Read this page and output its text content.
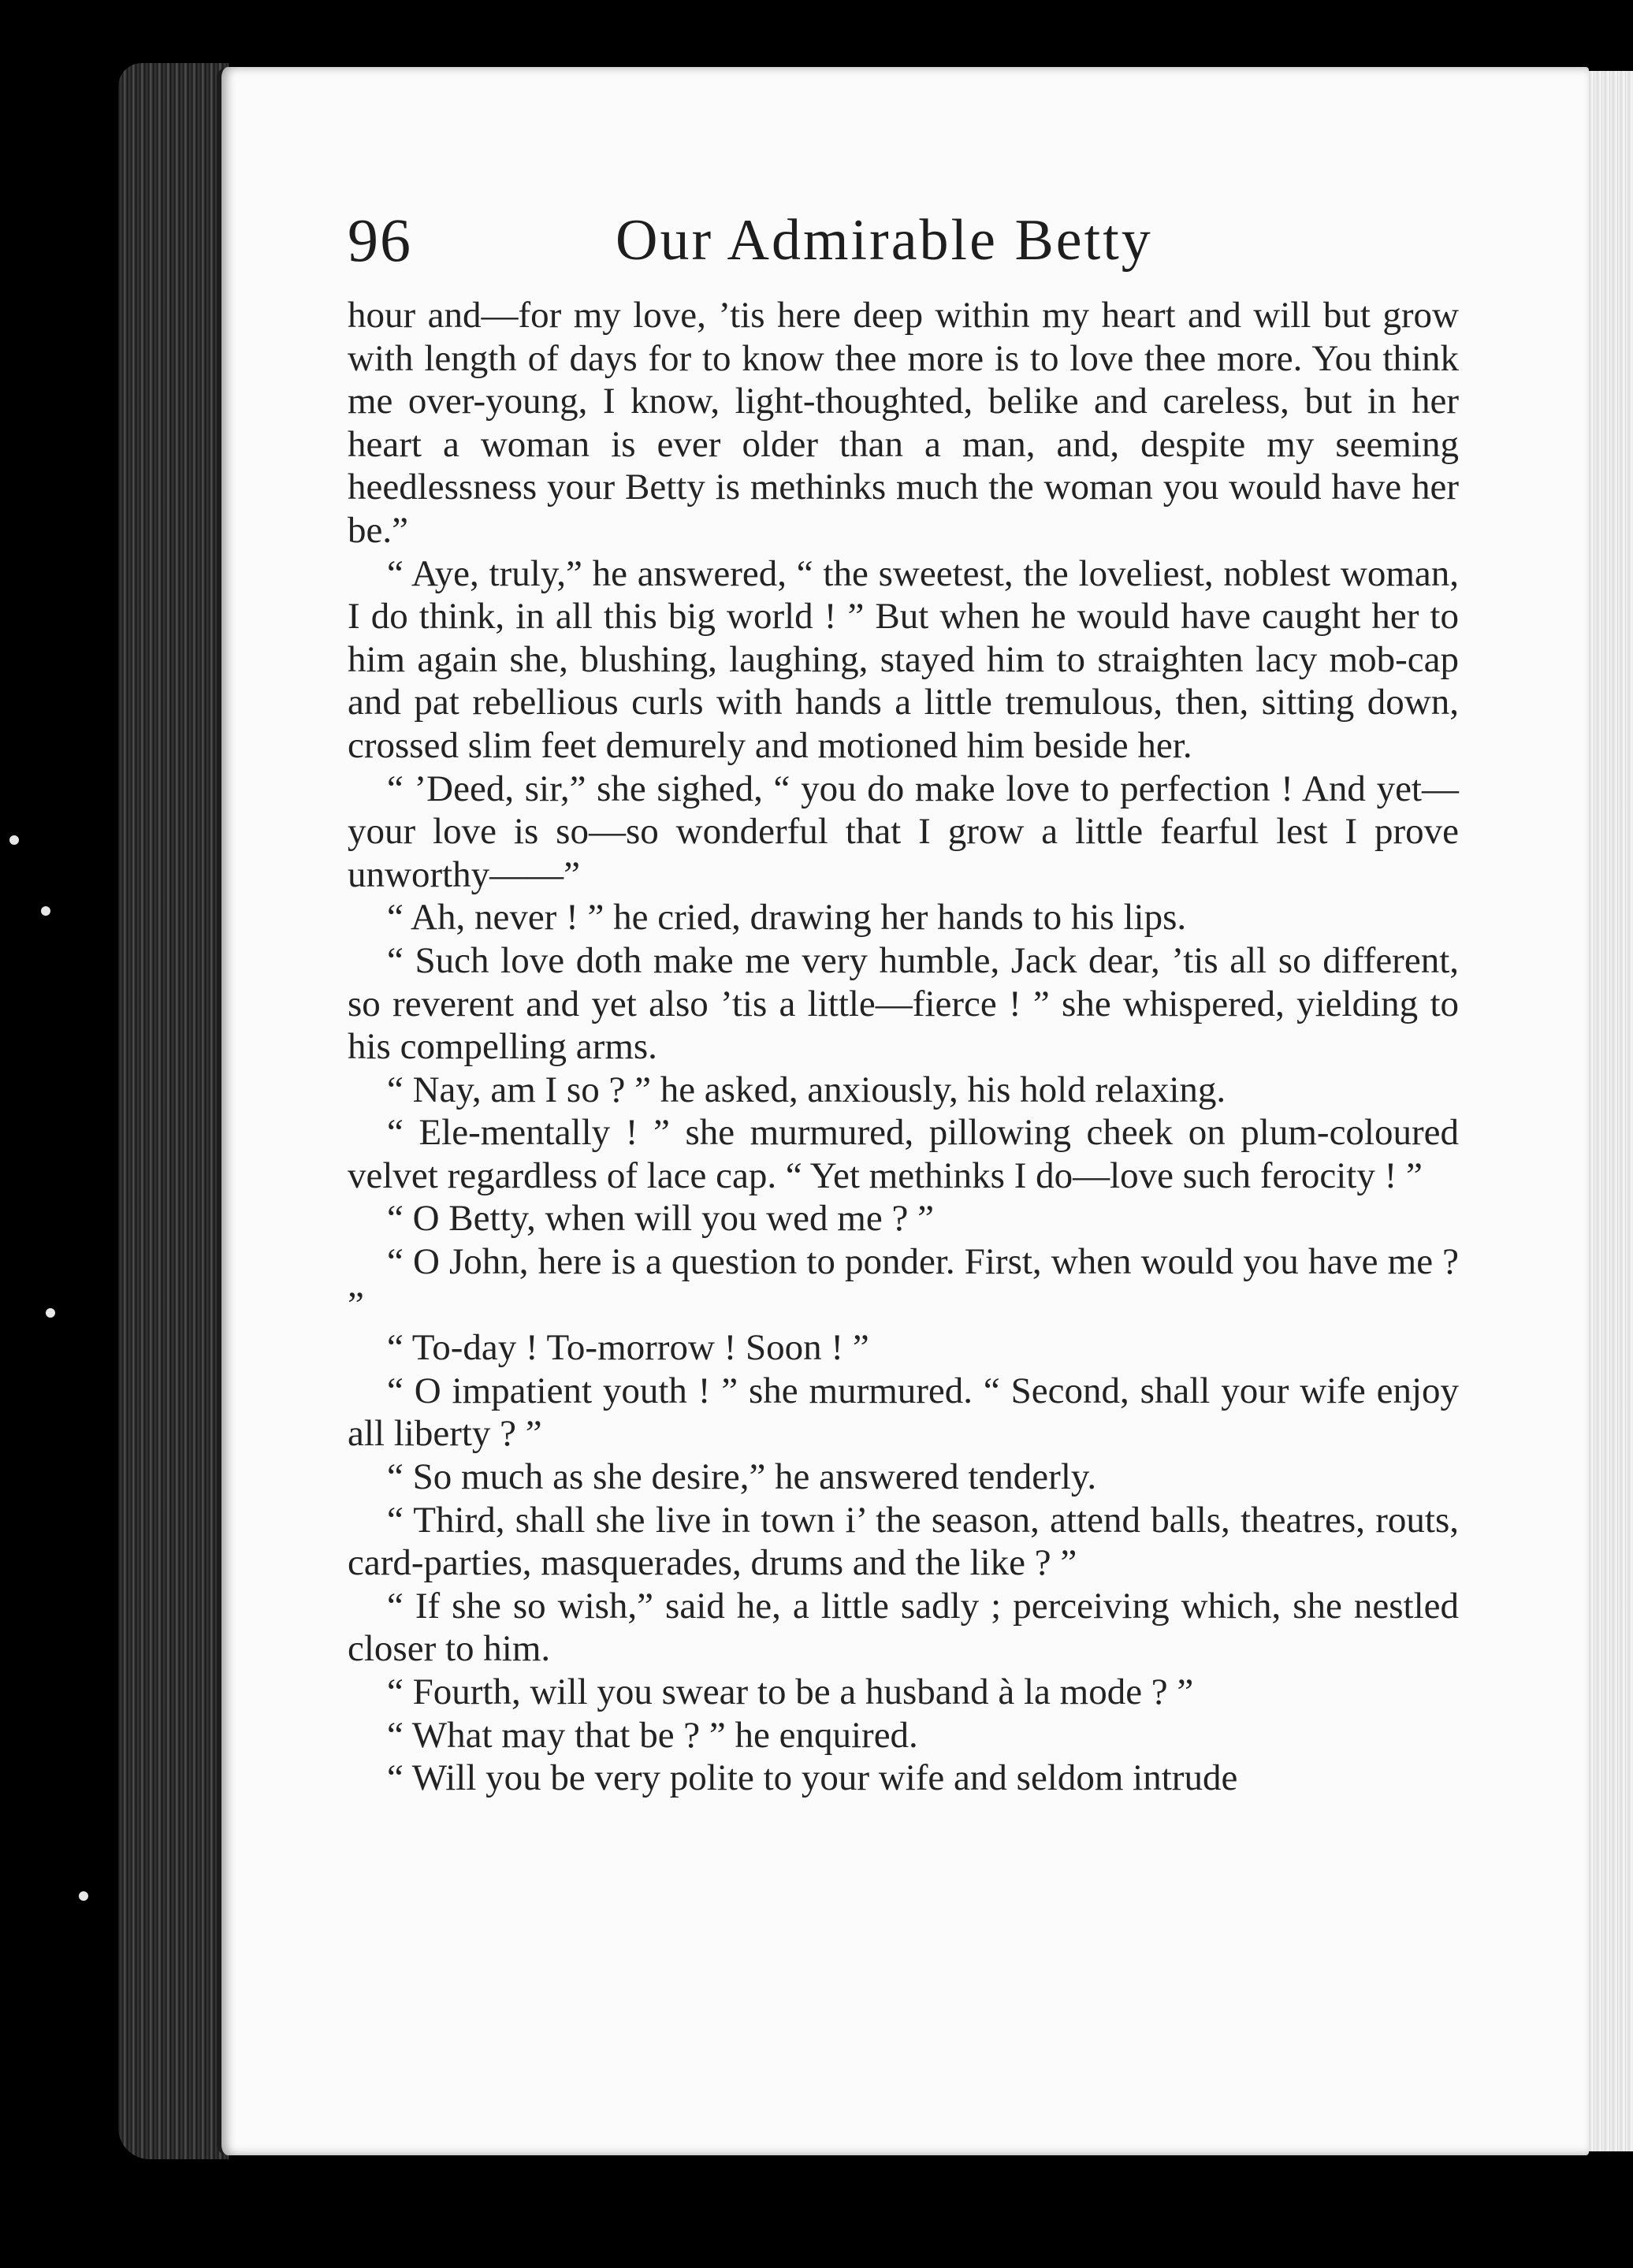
96	Our Admirable Betty

hour and—for my love, ’tis here deep within my heart and will but grow with length of days for to know thee more is to love thee more. You think me over-young, I know, light-thoughted, belike and careless, but in her heart a woman is ever older than a man, and, despite my seeming heedlessness your Betty is methinks much the woman you would have her be.”

“ Aye, truly,” he answered, “ the sweetest, the loveliest, noblest woman, I do think, in all this big world ! ” But when he would have caught her to him again she, blushing, laughing, stayed him to straighten lacy mob-cap and pat rebellious curls with hands a little tremulous, then, sitting down, crossed slim feet demurely and motioned him beside her.

“ ’Deed, sir,” she sighed, “ you do make love to perfection ! And yet—your love is so—so wonderful that I grow a little fearful lest I prove unworthy——”

“ Ah, never ! ” he cried, drawing her hands to his lips.

“ Such love doth make me very humble, Jack dear, ’tis all so different, so reverent and yet also ’tis a little—fierce ! ” she whispered, yielding to his compelling arms.

“ Nay, am I so ? ” he asked, anxiously, his hold relaxing.

“ Ele-mentally ! ” she murmured, pillowing cheek on plum-coloured velvet regardless of lace cap. “ Yet methinks I do—love such ferocity ! ”

“ O Betty, when will you wed me ? ”

“ O John, here is a question to ponder. First, when would you have me ? ”

“ To-day ! To-morrow ! Soon ! ”

“ O impatient youth ! ” she murmured. “ Second, shall your wife enjoy all liberty ? ”

“ So much as she desire,” he answered tenderly.

“ Third, shall she live in town i’ the season, attend balls, theatres, routs, card-parties, masquerades, drums and the like ? ”

“ If she so wish,” said he, a little sadly ; perceiving which, she nestled closer to him.

“ Fourth, will you swear to be a husband à la mode ? ”

“ What may that be ? ” he enquired.

“ Will you be very polite to your wife and seldom intrude
